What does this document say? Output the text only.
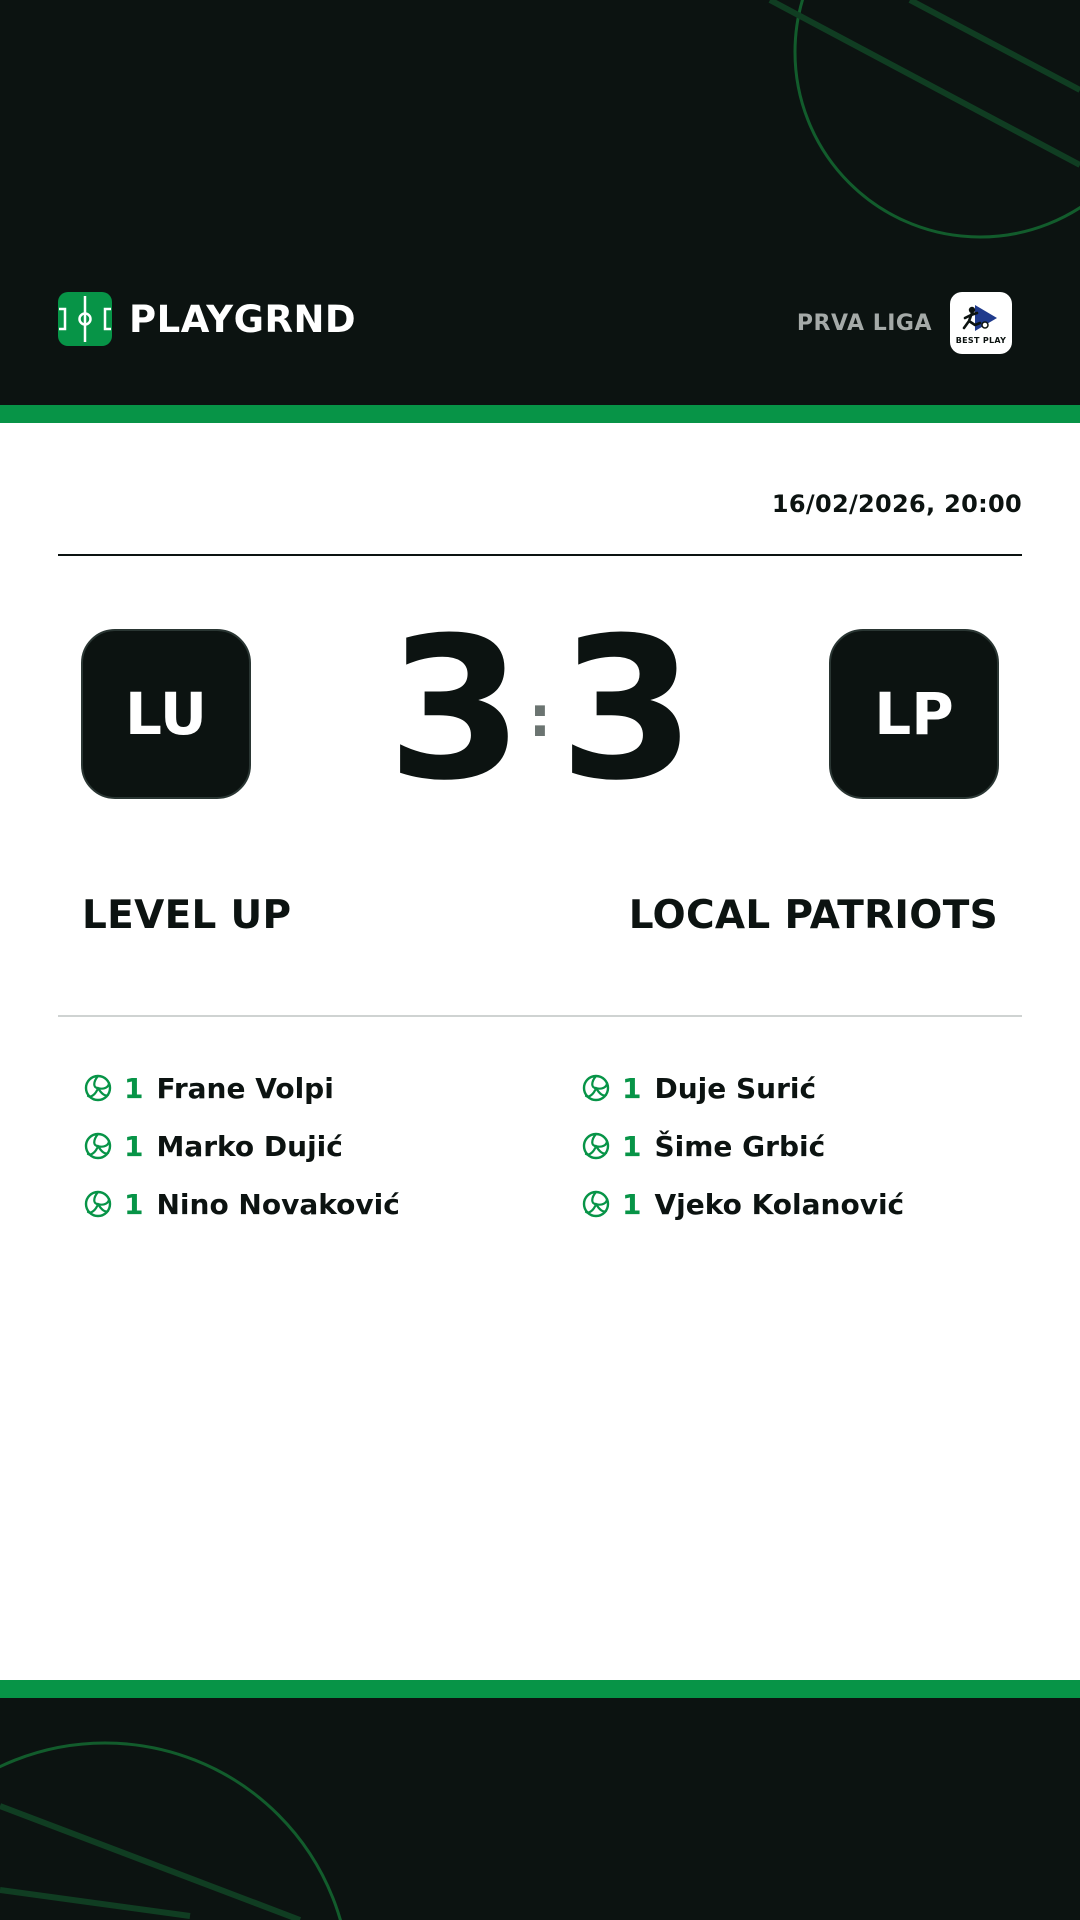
PLAYGRND	PRVA LIGA
BEST PLAY
16/02/2026, 20:00
LU 3 : 3	LP
LEVEL UP	LOCAL PATRIOTS
1 Frane Volpi
1 Marko Dujić
1 Nino Novaković
1 Duje Surić
1 Šime Grbić
1 Vjeko Kolanović
